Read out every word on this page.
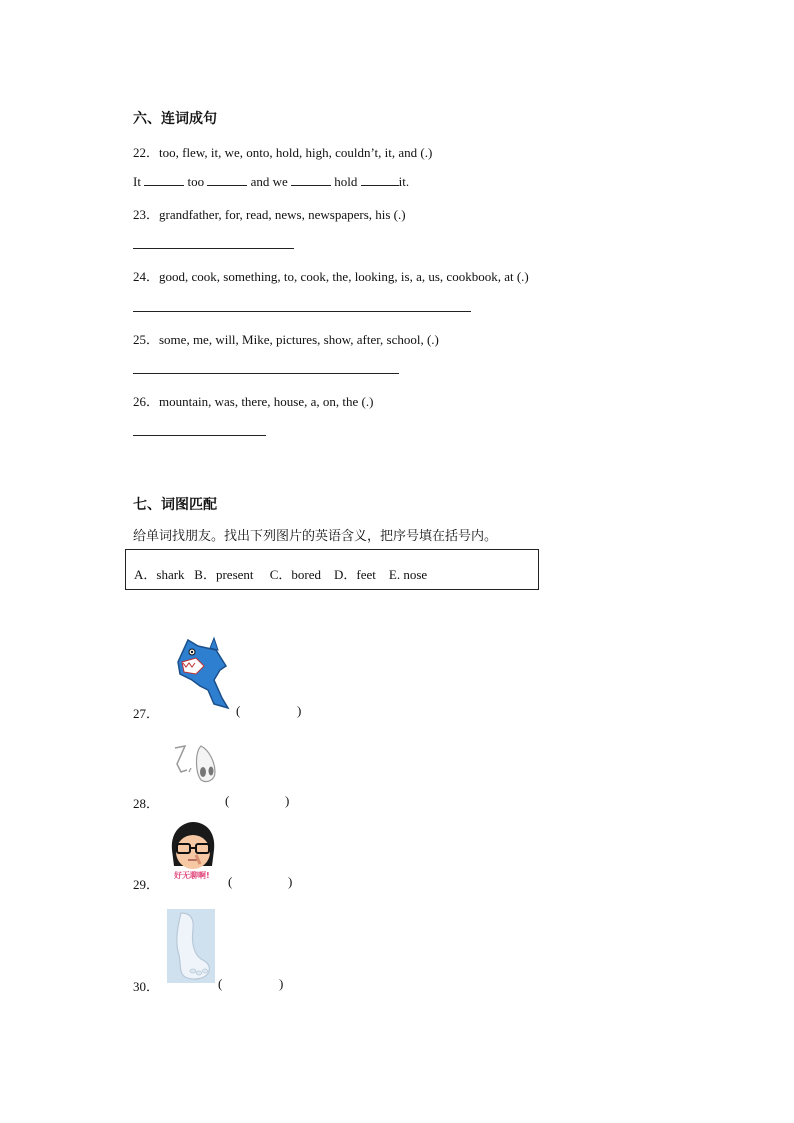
六、连词成句
22．too, flew, it, we, onto, hold, high, couldn’t, it, and (.)
It	too	and we	hold	it.
23．grandfather, for, read, news, newspapers, his (.)
24．good, cook, something, to, cook, the, looking, is, a, us, cookbook, at (.)
25．some, me, will, Mike, pictures, show, after, school, (.)
26．mountain, was, there, house, a, on, the (.)
七、词图匹配
给单词找朋友。找出下列图片的英语含义，把序号填在括号内。
A．shark   B．present     C．bored    D．feet    E. nose
27．	(	)
28．	(	)
好无聊啊!
29．	(	)
30．	(	)
